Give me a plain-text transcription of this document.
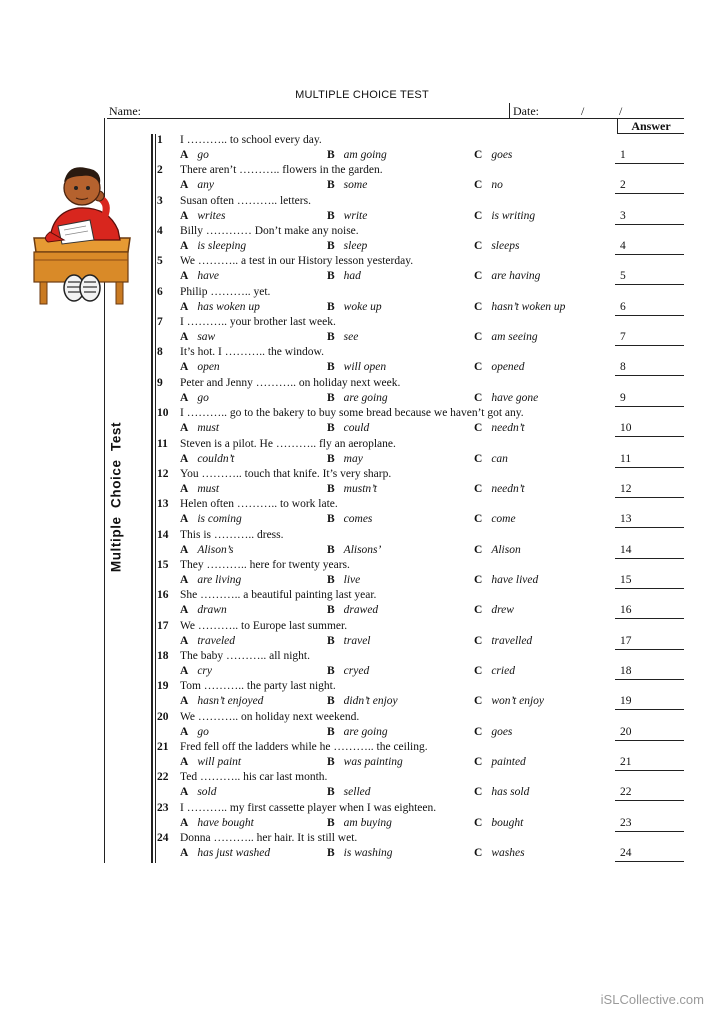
MULTIPLE CHOICE TEST
Name:	Date:	/	/
Answer
Multiple Choice Test
1 I ……….. to school every day.
A go	B am going	C goes	1
2 There aren’t ……….. flowers in the garden.
A any	B some	C no	2
3 Susan often ……….. letters.
A writes	B write	C is writing	3
4 Billy ………… Don’t make any noise.
A is sleeping	B sleep	C sleeps	4
5 We ……….. a test in our History lesson yesterday.
A have	B had	C are having	5
6 Philip ……….. yet.
A has woken up	B woke up	C hasn’t woken up	6
7 I ……….. your brother last week.
A saw	B see	C am seeing	7
8 It’s hot. I ……….. the window.
A open	B will open	C opened	8
9 Peter and Jenny ……….. on holiday next week.
A go	B are going	C have gone	9
10 I ……….. go to the bakery to buy some bread because we haven’t got any.
A must	B could	C needn’t	10
11 Steven is a pilot. He ……….. fly an aeroplane.
A couldn’t	B may	C can	11
12 You ……….. touch that knife. It’s very sharp.
A must	B mustn’t	C needn’t	12
13 Helen often ……….. to work late.
A is coming	B comes	C come	13
14 This is ……….. dress.
A Alison’s	B Alisons’	C Alison	14
15 They ……….. here for twenty years.
A are living	B live	C have lived	15
16 She ……….. a beautiful painting last year.
A drawn	B drawed	C drew	16
17 We ……….. to Europe last summer.
A traveled	B travel	C travelled	17
18 The baby ……….. all night.
A cry	B cryed	C cried	18
19 Tom ……….. the party last night.
A hasn’t enjoyed	B didn’t enjoy	C won’t enjoy	19
20 We ……….. on holiday next weekend.
A go	B are going	C goes	20
21 Fred fell off the ladders while he ……….. the ceiling.
A will paint	B was painting	C painted	21
22 Ted ……….. his car last month.
A sold	B selled	C has sold	22
23 I ……….. my first cassette player when I was eighteen.
A have bought	B am buying	C bought	23
24 Donna ……….. her hair. It is still wet.
A has just washed	B is washing	C washes	24
iSLCollective.com
